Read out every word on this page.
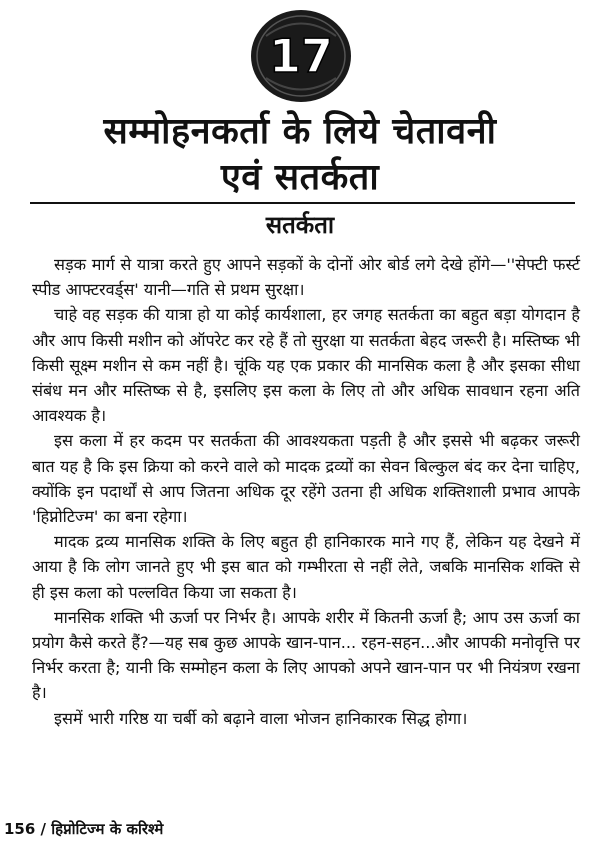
17
सम्मोहनकर्ता के लिये चेतावनी
एवं सतर्कता
सतर्कता

सड़क मार्ग से यात्रा करते हुए आपने सड़कों के दोनों ओर बोर्ड लगे देखे होंगे—''सेफ्टी फर्स्ट स्पीड आफ्टरवर्ड्स' यानी—गति से प्रथम सुरक्षा।

चाहे वह सड़क की यात्रा हो या कोई कार्यशाला, हर जगह सतर्कता का बहुत बड़ा योगदान है और आप किसी मशीन को ऑपरेट कर रहे हैं तो सुरक्षा या सतर्कता बेहद जरूरी है। मस्तिष्क भी किसी सूक्ष्म मशीन से कम नहीं है। चूंकि यह एक प्रकार की मानसिक कला है और इसका सीधा संबंध मन और मस्तिष्क से है, इसलिए इस कला के लिए तो और अधिक सावधान रहना अति आवश्यक है।

इस कला में हर कदम पर सतर्कता की आवश्यकता पड़ती है और इससे भी बढ़कर जरूरी बात यह है कि इस क्रिया को करने वाले को मादक द्रव्यों का सेवन बिल्कुल बंद कर देना चाहिए, क्योंकि इन पदार्थों से आप जितना अधिक दूर रहेंगे उतना ही अधिक शक्तिशाली प्रभाव आपके 'हिप्नोटिज्म' का बना रहेगा।

मादक द्रव्य मानसिक शक्ति के लिए बहुत ही हानिकारक माने गए हैं, लेकिन यह देखने में आया है कि लोग जानते हुए भी इस बात को गम्भीरता से नहीं लेते, जबकि मानसिक शक्ति से ही इस कला को पल्लवित किया जा सकता है।

मानसिक शक्ति भी ऊर्जा पर निर्भर है। आपके शरीर में कितनी ऊर्जा है; आप उस ऊर्जा का प्रयोग कैसे करते हैं?—यह सब कुछ आपके खान-पान... रहन-सहन...और आपकी मनोवृत्ति पर निर्भर करता है; यानी कि सम्मोहन कला के लिए आपको अपने खान-पान पर भी नियंत्रण रखना है।

इसमें भारी गरिष्ठ या चर्बी को बढ़ाने वाला भोजन हानिकारक सिद्ध होगा।

156 / हिप्नोटिज्म के करिश्मे
